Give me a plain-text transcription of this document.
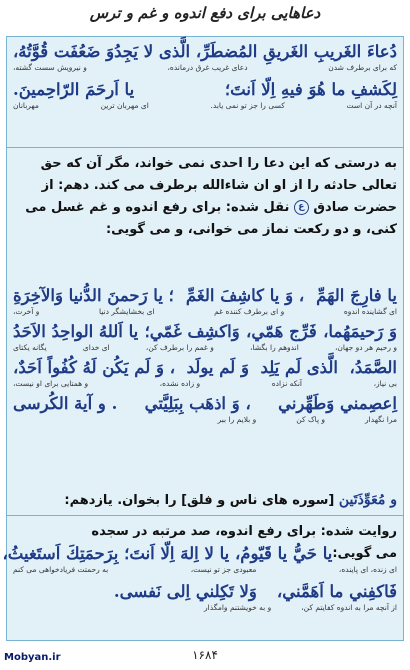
دعاهایی برای دفع اندوه و غم و ترس
دُعاءَ الغَريبِ الغَريقِ المُضطَرِّ، الَّذى لا يَجِدُ
وَ ضَعُفَت قُوَّتُهُ،
که برای برطرف شدن
دعای غریب غرق درمانده،
و نیرویش سست گشته،
لِكَشفِ ما هُوَ فيهِ اِلّا اَنتَ؛
يا اَرحَمَ الرّاحِمينَ.
آنچه در آن است
کسی را جز تو نمی یابد.
ای مهربان ترین
مهربانان
به درستی که این دعا را احدی نمی خواند، مگر آن که حق تعالی حادثه را از او ان شاءالله برطرف می کند. دهم: از حضرت صادق ع نقل شده: برای رفع اندوه و غم غسل می کنی، و دو رکعت نماز می خوانی، و می گویی:
يا فارِجَ الهَمِّ
، وَ يا كاشِفَ الغَمِّ
؛ يا رَحمنَ الدُّنيا وَالآخِرَةِ
ای گشاینده اندوه
و ای برطرف کننده غم
ای بخشایشگر دنیا
و آخرت،
وَ رَحيمَهُما،
فَرِّج هَمّي،
وَاكشِف غَمّي؛
يا اَللهُ الواحِدُ الاَحَدُ
و رحیم هر دو جهان،
اندوهم را بگشا،
و غمم را برطرف کن،
ای خدای
یگانه یکتای
الصَّمَدُ،
الَّذى لَم يَلِد
وَ لَم يولَد
، وَ لَم يَكُن لَهُ كُفُواً اَحَدٌ،
بی نیاز،
آنکه نزاده
و زاده نشده،
و همتایی برای او نیست،
اِعصِمني وَطَهِّرني
، وَ اذهَب بِبَلِيَّتي
. و آية الكُرسى
مرا نگهدار
و پاک کن
و بلایم را ببر
و مُعَوِّذَتَين [سوره های ناس و فلق] را بخوان. یازدهم:
روایت شده: برای رفع اندوه، صد مرتبه در سجده
می گویی:
يا حَيُّ يا قَيّومُ
، يا لا اِلهَ اِلّا اَنتَ
؛ بِرَحمَتِكَ اَستَغيثُ،
ای زنده، ای پاینده،
معبودی جز تو نیست،
به رحمتت فریادخواهی می کنم
فَاكفِني ما اَهَمَّني،
وَلا تَكِلني اِلى نَفسى.
از آنچه مرا به اندوه کفایتم کن،
و به خویشتنم وامگذار
Mobyan.ir	۱۶۸۴
